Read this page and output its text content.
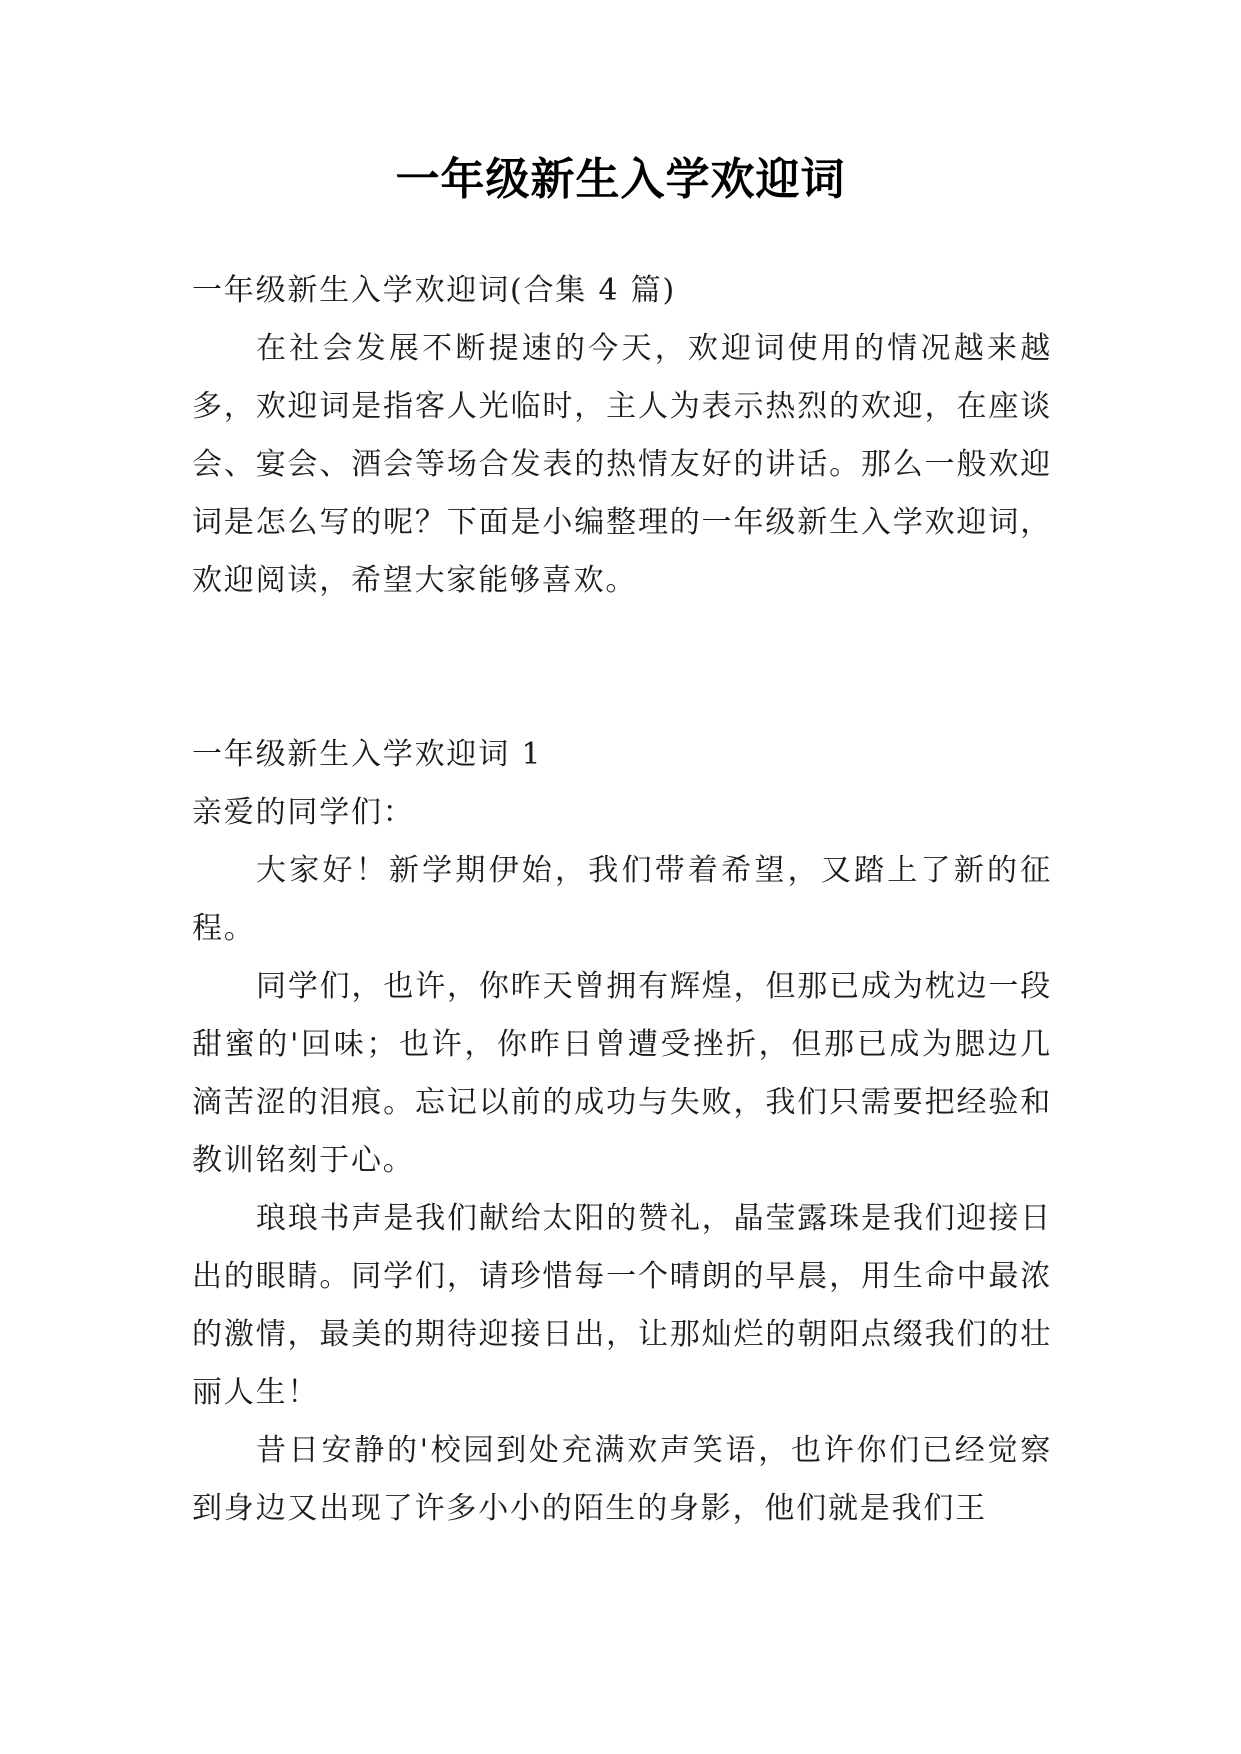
一年级新生入学欢迎词

一年级新生入学欢迎词(合集 4 篇)

在社会发展不断提速的今天，欢迎词使用的情况越来越多，欢迎词是指客人光临时，主人为表示热烈的欢迎，在座谈会、宴会、酒会等场合发表的热情友好的讲话。那么一般欢迎词是怎么写的呢？下面是小编整理的一年级新生入学欢迎词，欢迎阅读，希望大家能够喜欢。

一年级新生入学欢迎词 1

亲爱的同学们：

大家好！新学期伊始，我们带着希望，又踏上了新的征程。

同学们，也许，你昨天曾拥有辉煌，但那已成为枕边一段甜蜜的'回味；也许，你昨日曾遭受挫折，但那已成为腮边几滴苦涩的泪痕。忘记以前的成功与失败，我们只需要把经验和教训铭刻于心。

琅琅书声是我们献给太阳的赞礼，晶莹露珠是我们迎接日出的眼睛。同学们，请珍惜每一个晴朗的早晨，用生命中最浓的激情，最美的期待迎接日出，让那灿烂的朝阳点缀我们的壮丽人生！

昔日安静的'校园到处充满欢声笑语，也许你们已经觉察到身边又出现了许多小小的陌生的身影，他们就是我们王
